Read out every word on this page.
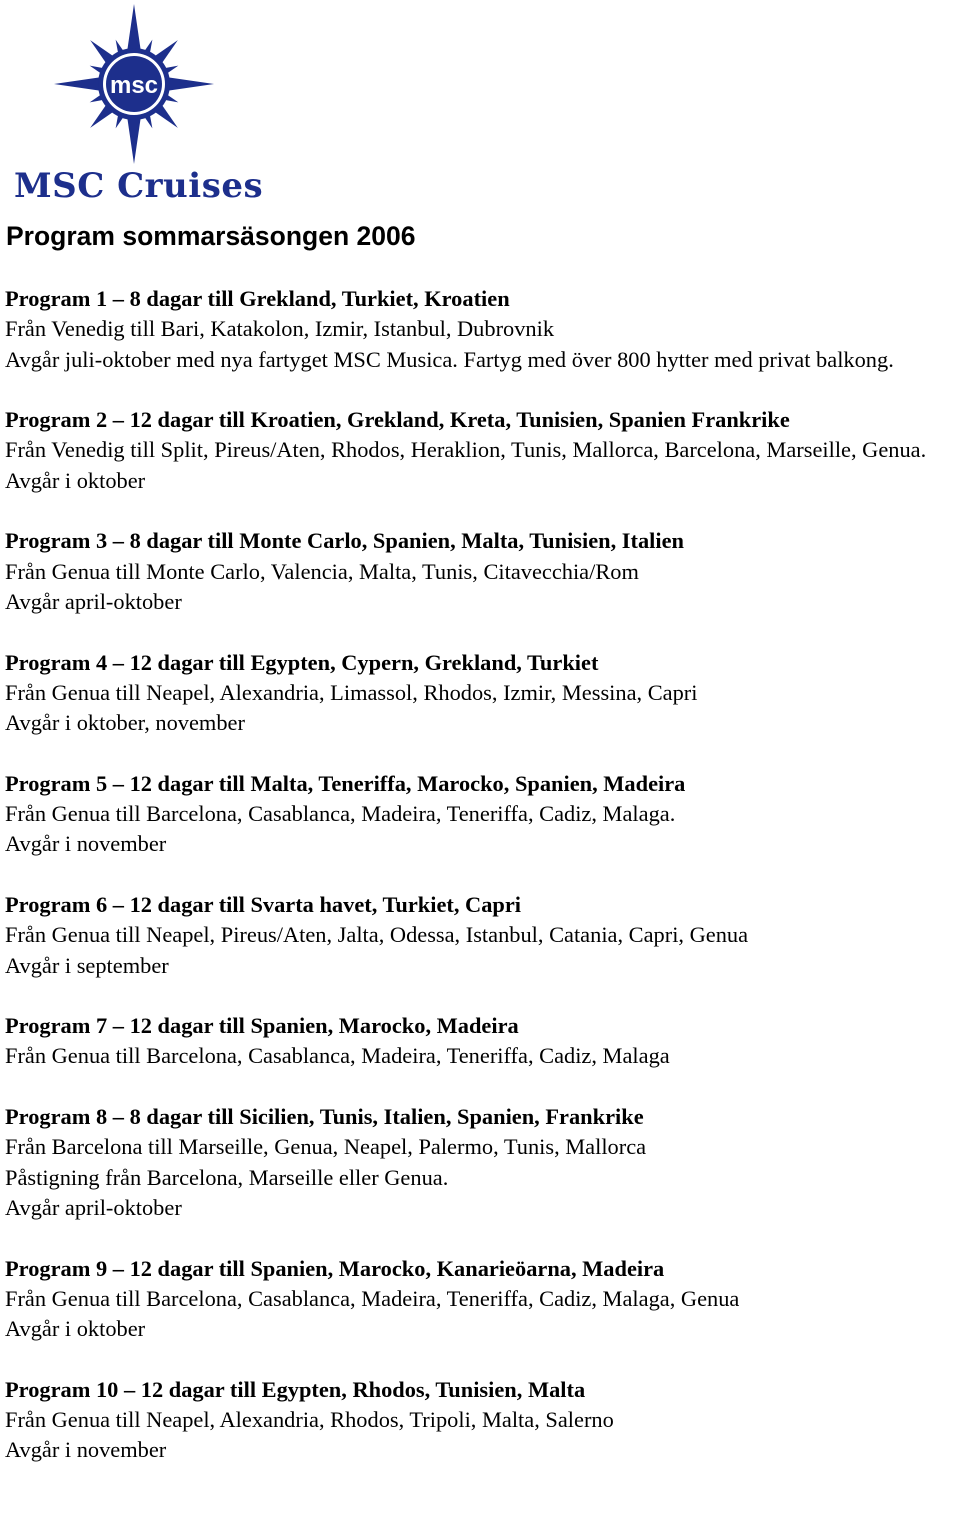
msc
MSC Cruises
Program sommarsäsongen 2006

Program 1 – 8 dagar till Grekland, Turkiet, Kroatien

Från Venedig till Bari, Katakolon, Izmir, Istanbul, Dubrovnik

Avgår juli-oktober med nya fartyget MSC Musica. Fartyg med över 800 hytter med privat balkong.

Program 2 – 12 dagar till Kroatien, Grekland, Kreta, Tunisien, Spanien Frankrike

Från Venedig till Split, Pireus/Aten, Rhodos, Heraklion, Tunis, Mallorca, Barcelona, Marseille, Genua.

Avgår i oktober

Program 3 – 8 dagar till Monte Carlo, Spanien, Malta, Tunisien, Italien

Från Genua till Monte Carlo, Valencia, Malta, Tunis, Citavecchia/Rom

Avgår april-oktober

Program 4 – 12 dagar till Egypten, Cypern, Grekland, Turkiet

Från Genua till Neapel, Alexandria, Limassol, Rhodos, Izmir, Messina, Capri

Avgår i oktober, november

Program 5 – 12 dagar till Malta, Teneriffa, Marocko, Spanien, Madeira

Från Genua till Barcelona, Casablanca, Madeira, Teneriffa, Cadiz, Malaga.

Avgår i november

Program 6 – 12 dagar till Svarta havet, Turkiet, Capri

Från Genua till Neapel, Pireus/Aten, Jalta, Odessa, Istanbul, Catania, Capri, Genua

Avgår i september

Program 7 – 12 dagar till Spanien, Marocko, Madeira

Från Genua till Barcelona, Casablanca, Madeira, Teneriffa, Cadiz, Malaga

Program 8 – 8 dagar till Sicilien, Tunis, Italien, Spanien, Frankrike

Från Barcelona till Marseille, Genua, Neapel, Palermo, Tunis, Mallorca

Påstigning från Barcelona, Marseille eller Genua.

Avgår april-oktober

Program 9 – 12 dagar till Spanien, Marocko, Kanarieöarna, Madeira

Från Genua till Barcelona, Casablanca, Madeira, Teneriffa, Cadiz, Malaga, Genua

Avgår i oktober

Program 10 – 12 dagar till Egypten, Rhodos, Tunisien, Malta

Från Genua till Neapel, Alexandria, Rhodos, Tripoli, Malta, Salerno

Avgår i november
